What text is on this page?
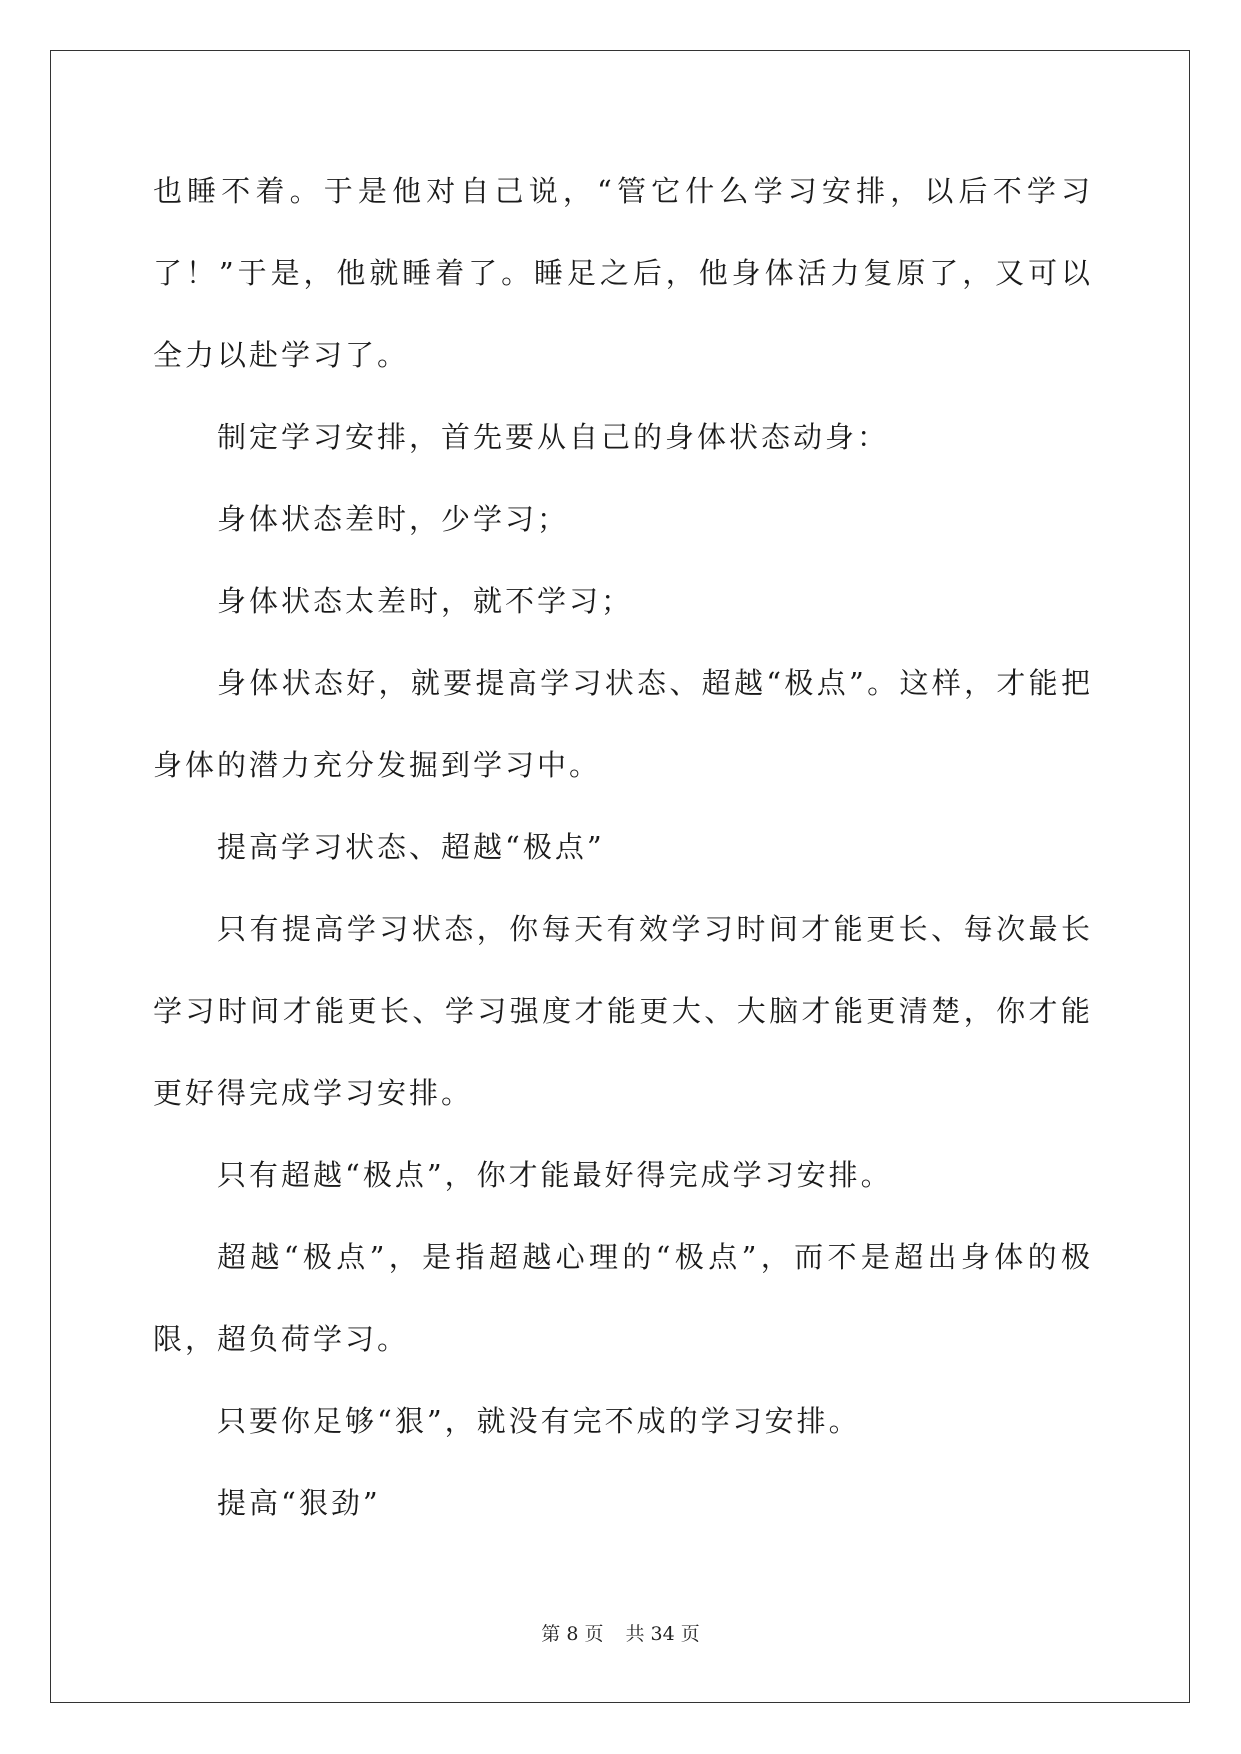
也睡不着。于是他对自己说，“管它什么学习安排，以后不学习了！”于是，他就睡着了。睡足之后，他身体活力复原了，又可以全力以赴学习了。

制定学习安排，首先要从自己的身体状态动身：

身体状态差时，少学习；

身体状态太差时，就不学习；

身体状态好，就要提高学习状态、超越“极点”。这样，才能把身体的潜力充分发掘到学习中。

提高学习状态、超越“极点”

只有提高学习状态，你每天有效学习时间才能更长、每次最长学习时间才能更长、学习强度才能更大、大脑才能更清楚，你才能更好得完成学习安排。

只有超越“极点”，你才能最好得完成学习安排。

超越“极点”，是指超越心理的“极点”，而不是超出身体的极限，超负荷学习。

只要你足够“狠”，就没有完不成的学习安排。

提高“狠劲”

第 8 页 共 34 页
